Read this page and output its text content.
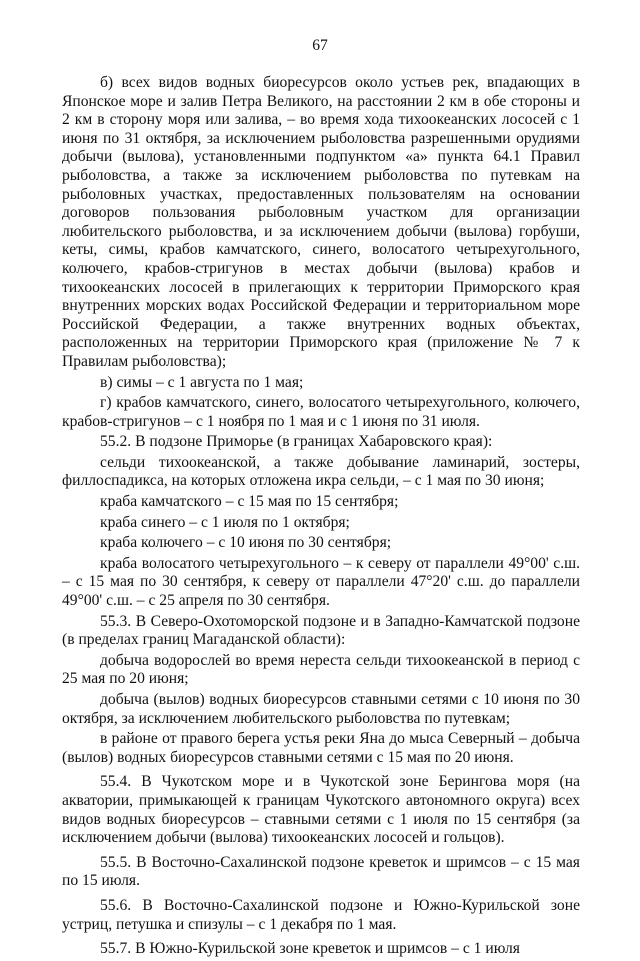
67

б) всех видов водных биоресурсов около устьев рек, впадающих в Японское море и залив Петра Великого, на расстоянии 2 км в обе стороны и 2 км в сторону моря или залива, – во время хода тихоокеанских лососей с 1 июня по 31 октября, за исключением рыболовства разрешенными орудиями добычи (вылова), установленными подпунктом «а» пункта 64.1 Правил рыболовства, а также за исключением рыболовства по путевкам на рыболовных участках, предоставленных пользователям на основании договоров пользования рыболовным участком для организации любительского рыболовства, и за исключением добычи (вылова) горбуши, кеты, симы, крабов камчатского, синего, волосатого четырехугольного, колючего, крабов-стригунов в местах добычи (вылова) крабов и тихоокеанских лососей в прилегающих к территории Приморского края внутренних морских водах Российской Федерации и территориальном море Российской Федерации, а также внутренних водных объектах, расположенных на территории Приморского края (приложение № 7 к Правилам рыболовства);

в) симы – с 1 августа по 1 мая;

г) крабов камчатского, синего, волосатого четырехугольного, колючего, крабов-стригунов – с 1 ноября по 1 мая и с 1 июня по 31 июля.

55.2. В подзоне Приморье (в границах Хабаровского края):

сельди тихоокеанской, а также добывание ламинарий, зостеры, филлоспадикса, на которых отложена икра сельди, – с 1 мая по 30 июня;

краба камчатского – с 15 мая по 15 сентября;

краба синего – с 1 июля по 1 октября;

краба колючего – с 10 июня по 30 сентября;

краба волосатого четырехугольного – к северу от параллели 49°00' с.ш. – с 15 мая по 30 сентября, к северу от параллели 47°20' с.ш. до параллели 49°00' с.ш. – с 25 апреля по 30 сентября.

55.3. В Северо-Охотоморской подзоне и в Западно-Камчатской подзоне (в пределах границ Магаданской области):

добыча водорослей во время нереста сельди тихоокеанской в период с 25 мая по 20 июня;

добыча (вылов) водных биоресурсов ставными сетями с 10 июня по 30 октября, за исключением любительского рыболовства по путевкам;

в районе от правого берега устья реки Яна до мыса Северный – добыча (вылов) водных биоресурсов ставными сетями с 15 мая по 20 июня.

55.4. В Чукотском море и в Чукотской зоне Берингова моря (на акватории, примыкающей к границам Чукотского автономного округа) всех видов водных биоресурсов – ставными сетями с 1 июля по 15 сентября (за исключением добычи (вылова) тихоокеанских лососей и гольцов).

55.5. В Восточно-Сахалинской подзоне креветок и шримсов – с 15 мая по 15 июля.

55.6. В Восточно-Сахалинской подзоне и Южно-Курильской зоне устриц, петушка и спизулы – с 1 декабря по 1 мая.

55.7. В Южно-Курильской зоне креветок и шримсов – с 1 июля
